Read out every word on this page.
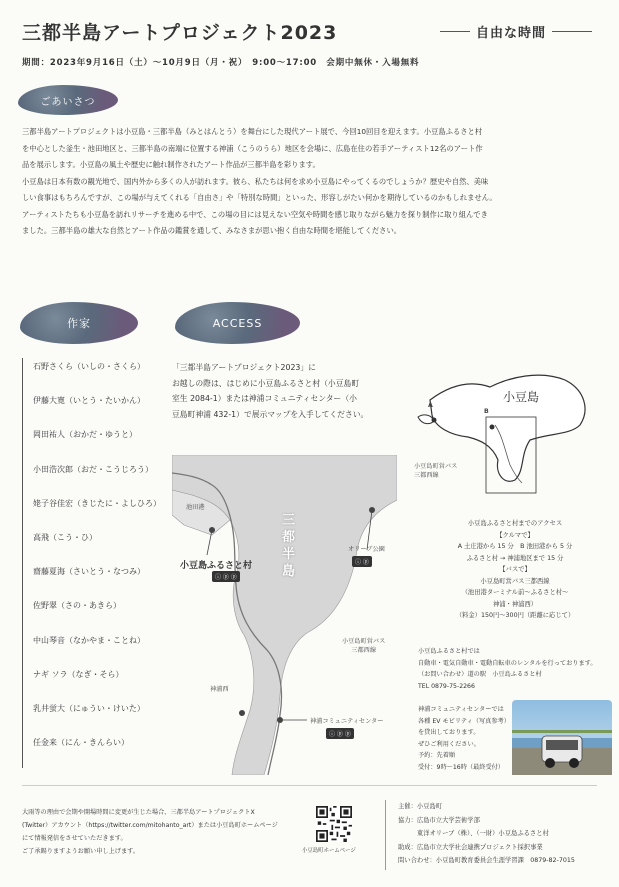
三都半島アートプロジェクト2023	自由な時間
期間：2023年9月16日（土）〜10月9日（月・祝）　9:00〜17:00　会期中無休・入場無料
ごあいさつ

三都半島アートプロジェクトは小豆島・三都半島（みとはんとう）を舞台にした現代アート展で、今回10回目を迎えます。小豆島ふるさと村

を中心とした釜生・池田地区と、三都半島の南端に位置する神浦（こうのうら）地区を会場に、広島在住の若手アーティスト12名のアート作

品を展示します。小豆島の風土や歴史に触れ制作されたアート作品が三都半島を彩ります。

小豆島は日本有数の観光地で、国内外から多くの人が訪れます。彼ら、私たちは何を求め小豆島にやってくるのでしょうか？歴史や自然、美味

しい食事はもちろんですが、この場が与えてくれる「自由さ」や「特別な時間」といった、形容しがたい何かを期待しているのかもしれません。

アーティストたちも小豆島を訪れリサーチを進める中で、この場の目には見えない空気や時間を感じ取りながら魅力を探り制作に取り組んでき

ました。三都半島の雄大な自然とアート作品の鑑賞を通して、みなさまが思い抱く自由な時間を堪能してください。

作家	ACCESS
石野さくら（いしの・さくら）
伊藤大寛（いとう・たいかん）
岡田祐人（おかだ・ゆうと）
小田浩次郎（おだ・こうじろう）
姥子谷佳宏（きじたに・よしひろ）
高飛（こう・ひ）
齋藤夏海（さいとう・なつみ）
佐野翠（さの・あきら）
中山琴音（なかやま・ことね）
ナギ ソラ（なぎ・そら）
乳井蛍大（にゅうい・けいた）
任金来（にん・きんらい）

「三都半島アートプロジェクト2023」に

お越しの際は、はじめに小豆島ふるさと村（小豆島町

室生 2084-1）または神浦コミュニティセンター（小

豆島町神浦 432-1）で展示マップを入手してください。

池田港
三都半島
小豆島ふるさと村
ⓘ ⓟ ⓟ
オリーブ公園
ⓘ ⓟ
小豆島町営バス
三都西線
神浦西
神浦コミュニティセンター
ⓘ ⓟ ⓟ
小豆島
A
B
小豆島町営バス
三都西線
小豆島ふるさと村までのアクセス
【クルマで】
A 土庄港から 15 分　B 池田港から 5 分
ふるさと村 → 神浦地区まで 15 分
【バスで】
小豆島町営バス三都西線
（池田港ターミナル前〜ふるさと村〜
神浦・神浦西）
（料金）150円〜300円（距離に応じて）
小豆島ふるさと村では
自動車・電気自動車・電動自転車のレンタルを行っております。
（お問い合わせ）道の駅　小豆島ふるさと村
TEL 0879-75-2266
神浦コミュニティセンターでは
各種 EV モビリティ（写真参考）
を貸出しております。
ぜひご利用ください。
予約：先着順
受付：9時〜16時（最終受付）

大雨等の理由で会期や開場時間に変更が生じた場合、三都半島アートプロジェクトX

(Twitter）アカウント（https://twitter.com/mitohanto_art）または小豆島町ホームページ

にて情報発信をさせていただきます。

ご了承賜りますようお願い申し上げます。	小豆島町ホームページ

主催：小豆島町

協力：広島市立大学芸術学部

　　　東洋オリーブ（株）、（一財）小豆島ふるさと村

助成：広島市立大学社会連携プロジェクト採択事業

問い合わせ：小豆島町教育委員会生涯学習課　0879-82-7015
